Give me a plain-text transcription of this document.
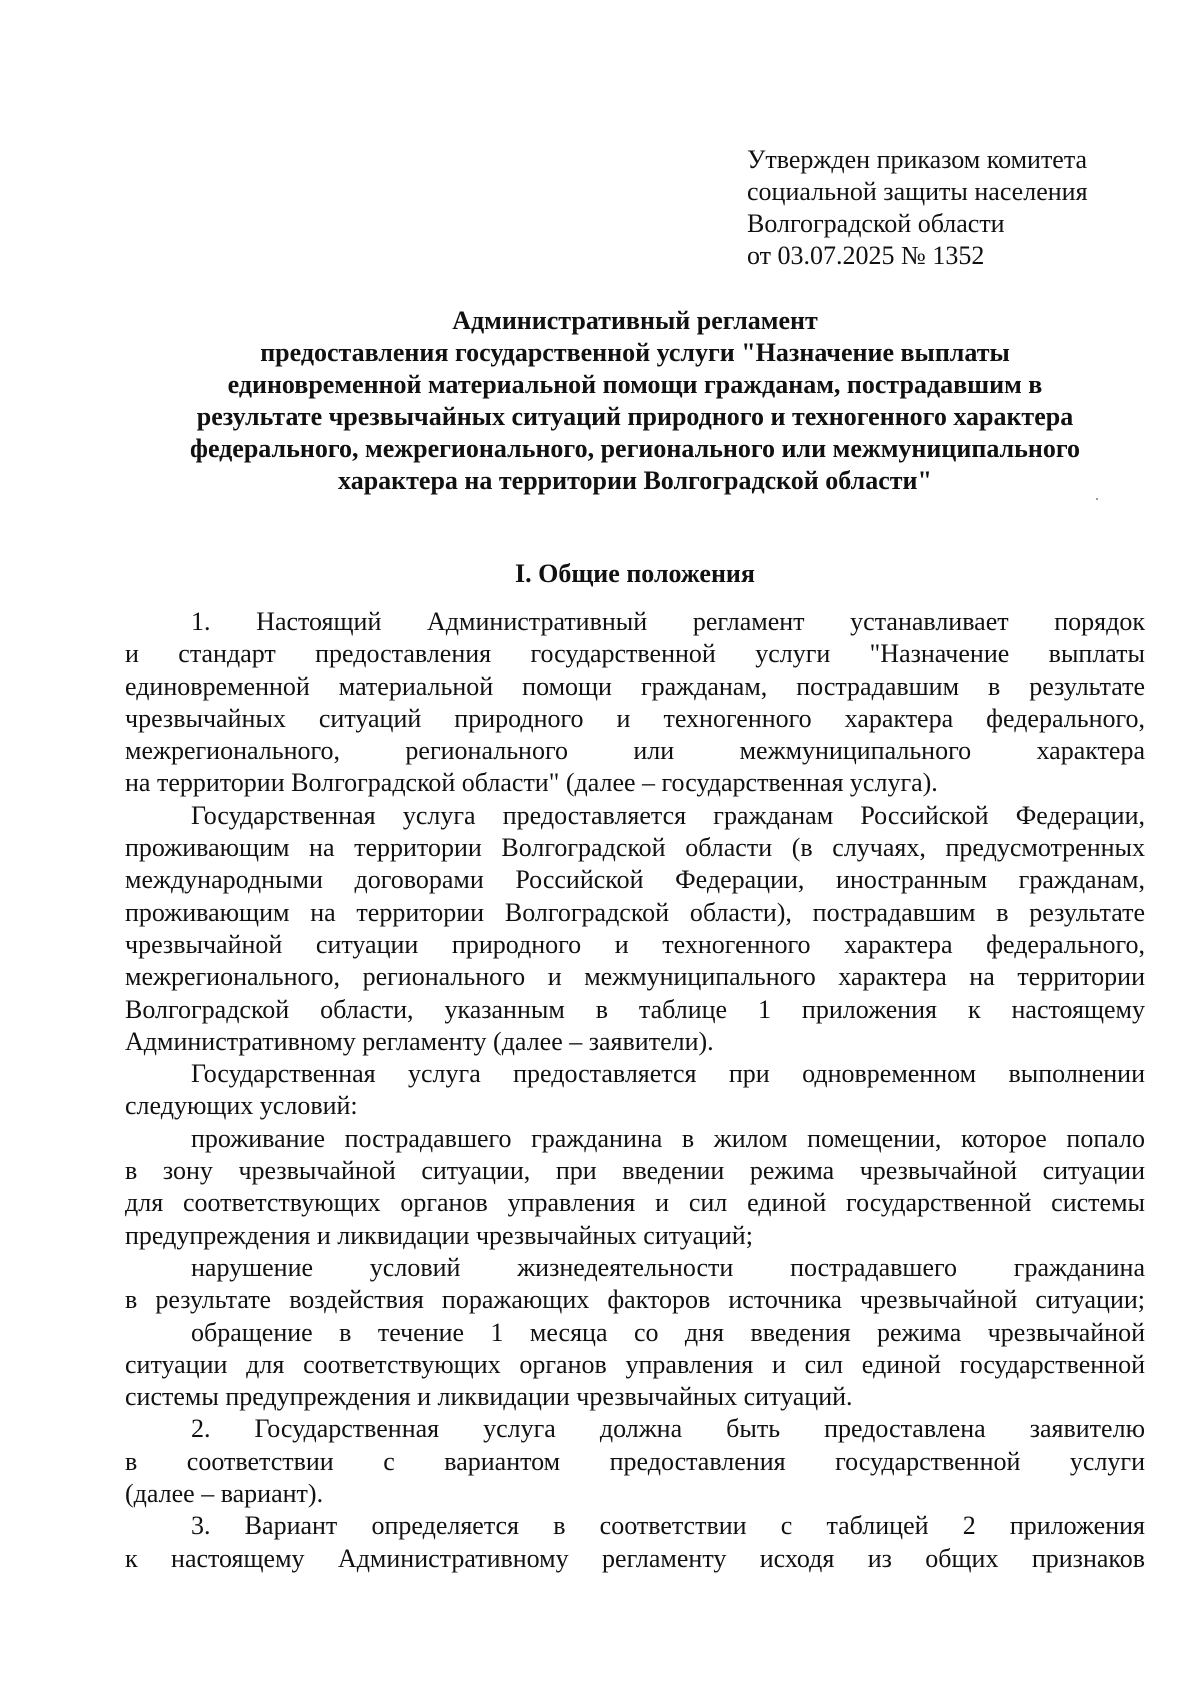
Утвержден приказом комитета
социальной защиты населения
Волгоградской области
от 03.07.2025 № 1352
Административный регламент
предоставления государственной услуги "Назначение выплаты
единовременной материальной помощи гражданам, пострадавшим в
результате чрезвычайных ситуаций природного и техногенного характера
федерального, межрегионального, регионального или межмуниципального
характера на территории Волгоградской области"
I. Общие положения
1. Настоящий Административный регламент устанавливает порядок
и стандарт предоставления государственной услуги "Назначение выплаты
единовременной материальной помощи гражданам, пострадавшим в результате
чрезвычайных ситуаций природного и техногенного характера федерального,
межрегионального, регионального или межмуниципального характера
на территории Волгоградской области" (далее – государственная услуга).
Государственная услуга предоставляется гражданам Российской Федерации,
проживающим на территории Волгоградской области (в случаях, предусмотренных
международными договорами Российской Федерации, иностранным гражданам,
проживающим на территории Волгоградской области), пострадавшим в результате
чрезвычайной ситуации природного и техногенного характера федерального,
межрегионального, регионального и межмуниципального характера на территории
Волгоградской области, указанным в таблице 1 приложения к настоящему
Административному регламенту (далее – заявители).
Государственная услуга предоставляется при одновременном выполнении
следующих условий:
проживание пострадавшего гражданина в жилом помещении, которое попало
в зону чрезвычайной ситуации, при введении режима чрезвычайной ситуации
для соответствующих органов управления и сил единой государственной системы
предупреждения и ликвидации чрезвычайных ситуаций;
нарушение условий жизнедеятельности пострадавшего гражданина
в результате воздействия поражающих факторов источника чрезвычайной ситуации;
обращение в течение 1 месяца со дня введения режима чрезвычайной
ситуации для соответствующих органов управления и сил единой государственной
системы предупреждения и ликвидации чрезвычайных ситуаций.
2. Государственная услуга должна быть предоставлена заявителю
в соответствии с вариантом предоставления государственной услуги
(далее – вариант).
3. Вариант определяется в соответствии с таблицей 2 приложения
к настоящему Административному регламенту исходя из общих признаков
